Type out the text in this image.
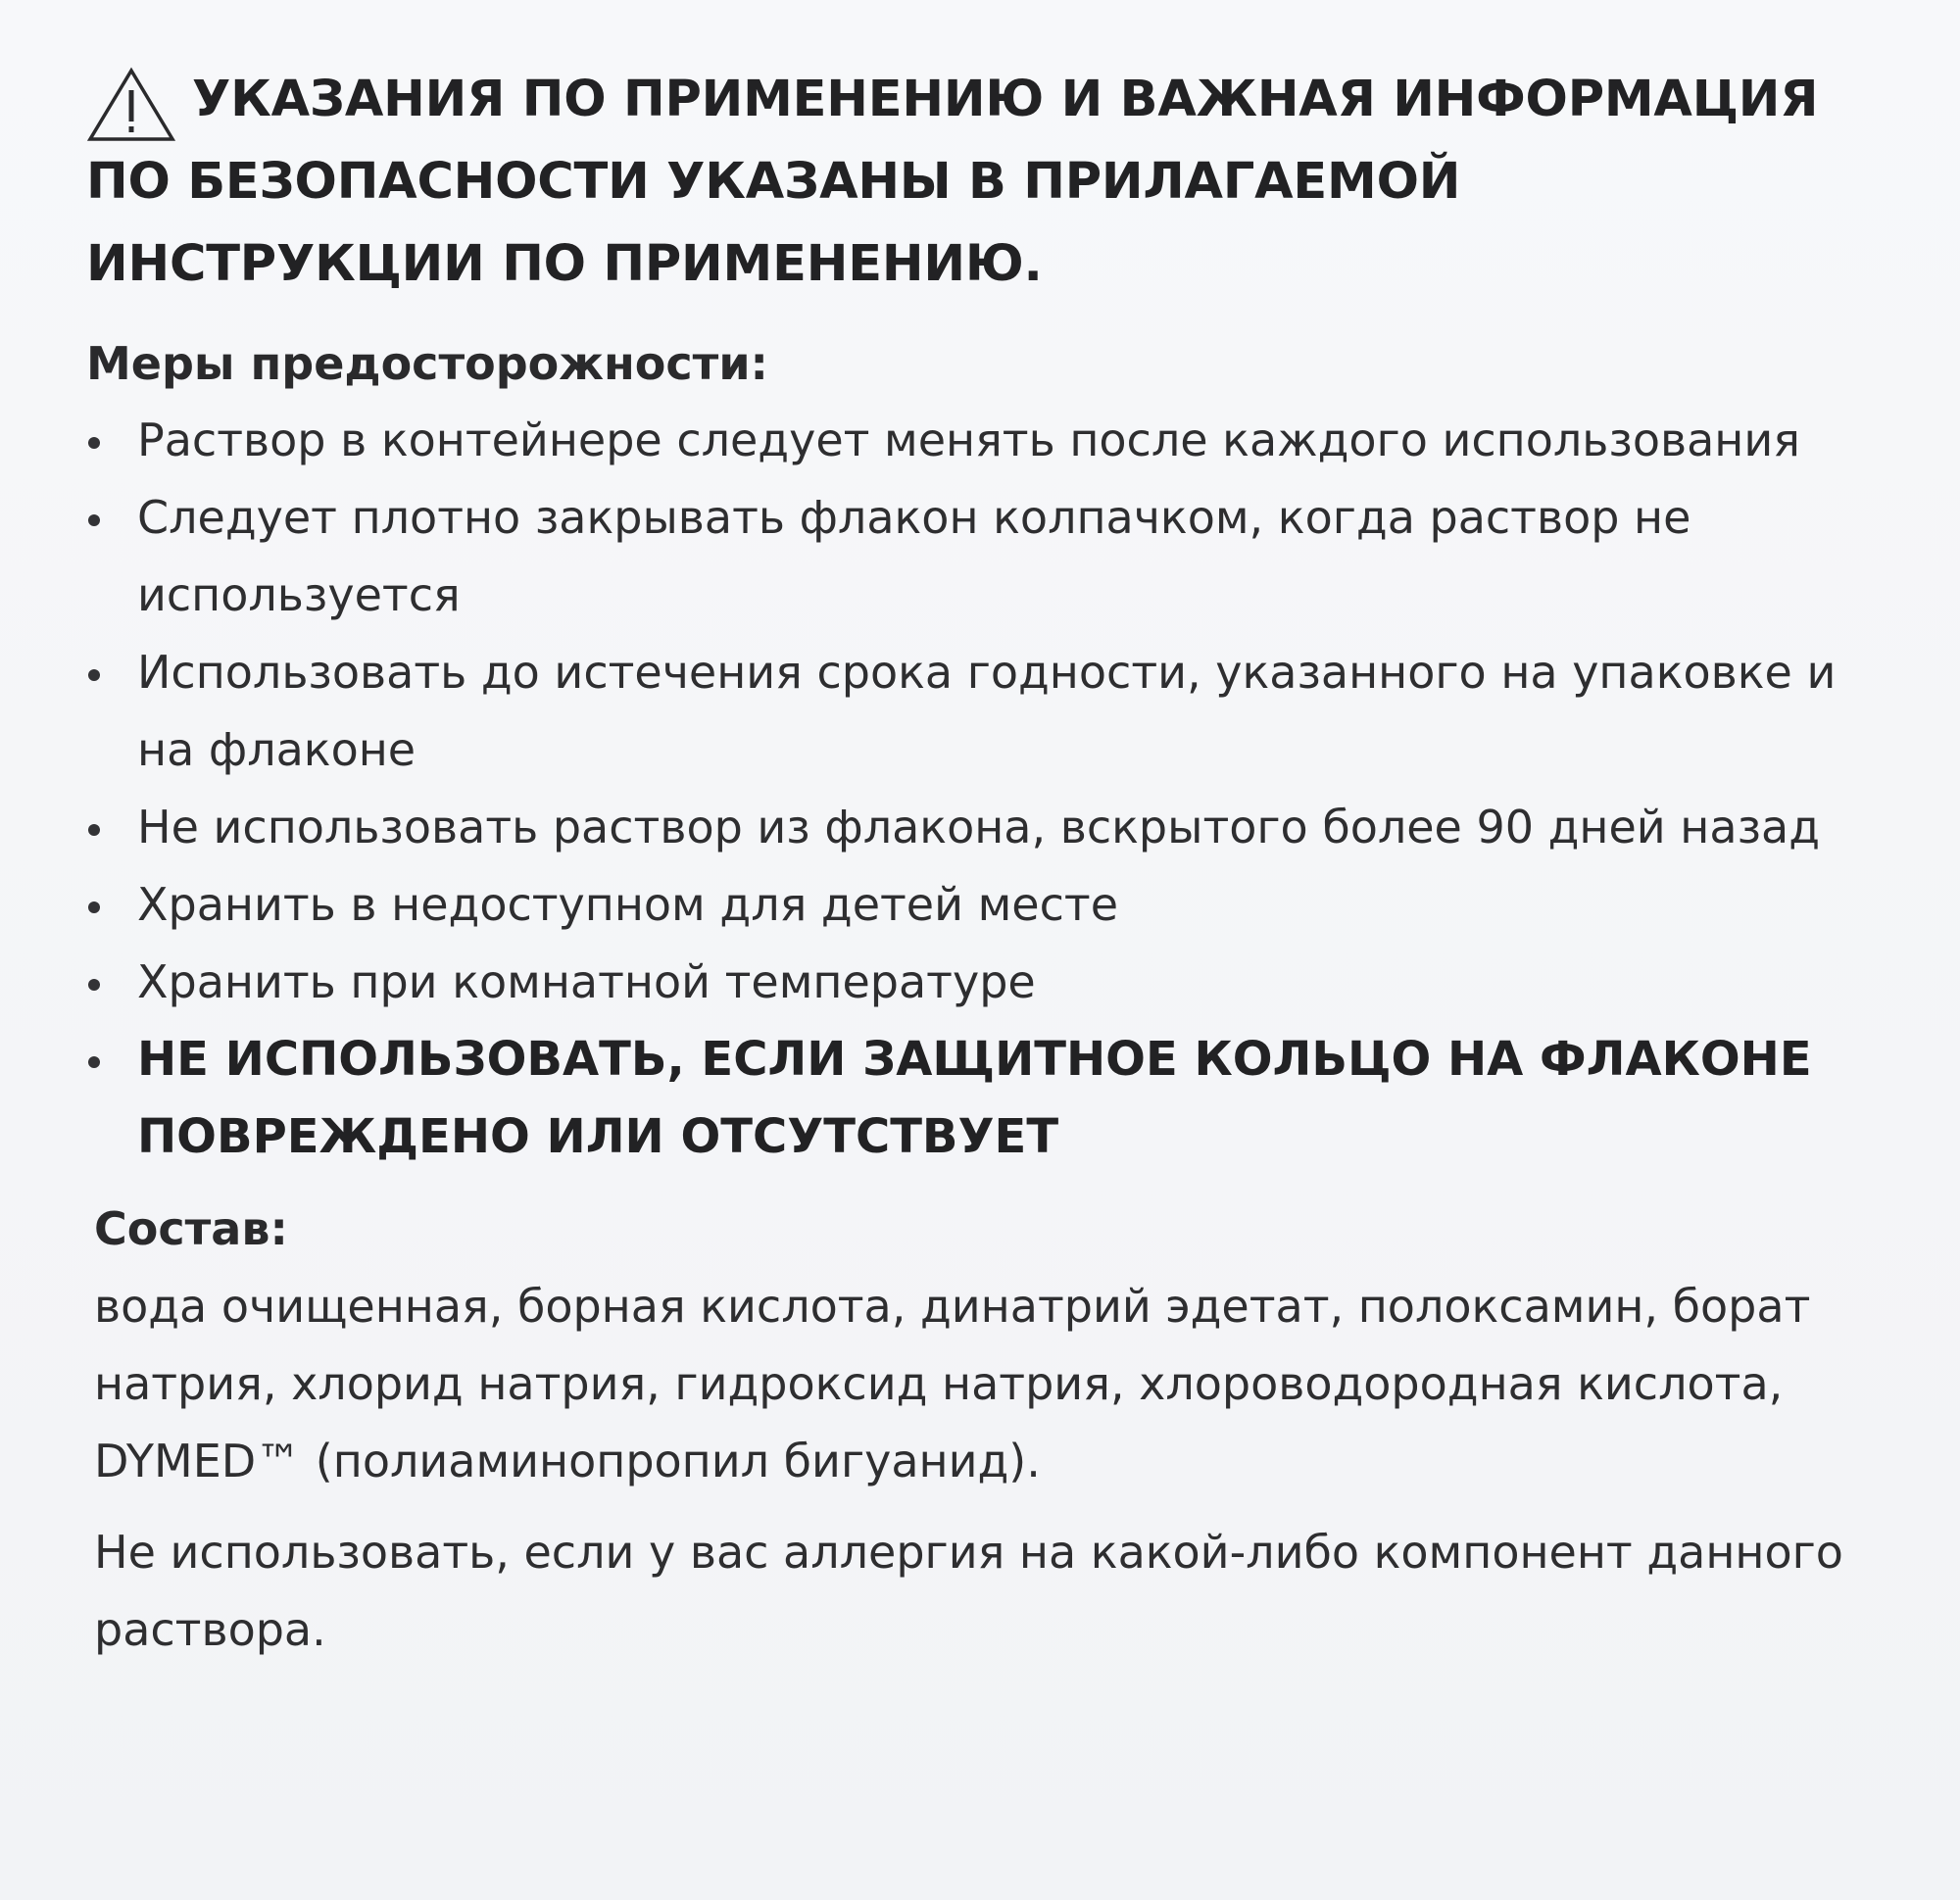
УКАЗАНИЯ ПО ПРИМЕНЕНИЮ И ВАЖНАЯ ИНФОРМАЦИЯ
ПО БЕЗОПАСНОСТИ УКАЗАНЫ В ПРИЛАГАЕМОЙ
ИНСТРУКЦИИ ПО ПРИМЕНЕНИЮ.
Меры предосторожности:
Раствор в контейнере следует менять после каждого использования
Следует плотно закрывать флакон колпачком, когда раствор не используется
Использовать до истечения срока годности, указанного на упаковке и на флаконе
Не использовать раствор из флакона, вскрытого более 90 дней назад
Хранить в недоступном для детей месте
Хранить при комнатной температуре
НЕ ИСПОЛЬЗОВАТЬ, ЕСЛИ ЗАЩИТНОЕ КОЛЬЦО НА ФЛАКОНЕ ПОВРЕЖДЕНО ИЛИ ОТСУТСТВУЕТ
Состав:
вода очищенная, борная кислота, динатрий эдетат, полоксамин, борат натрия, хлорид натрия, гидроксид натрия, хлороводородная кислота, DYMED™ (полиаминопропил бигуанид).
Не использовать, если у вас аллергия на какой-либо компонент данного раствора.
